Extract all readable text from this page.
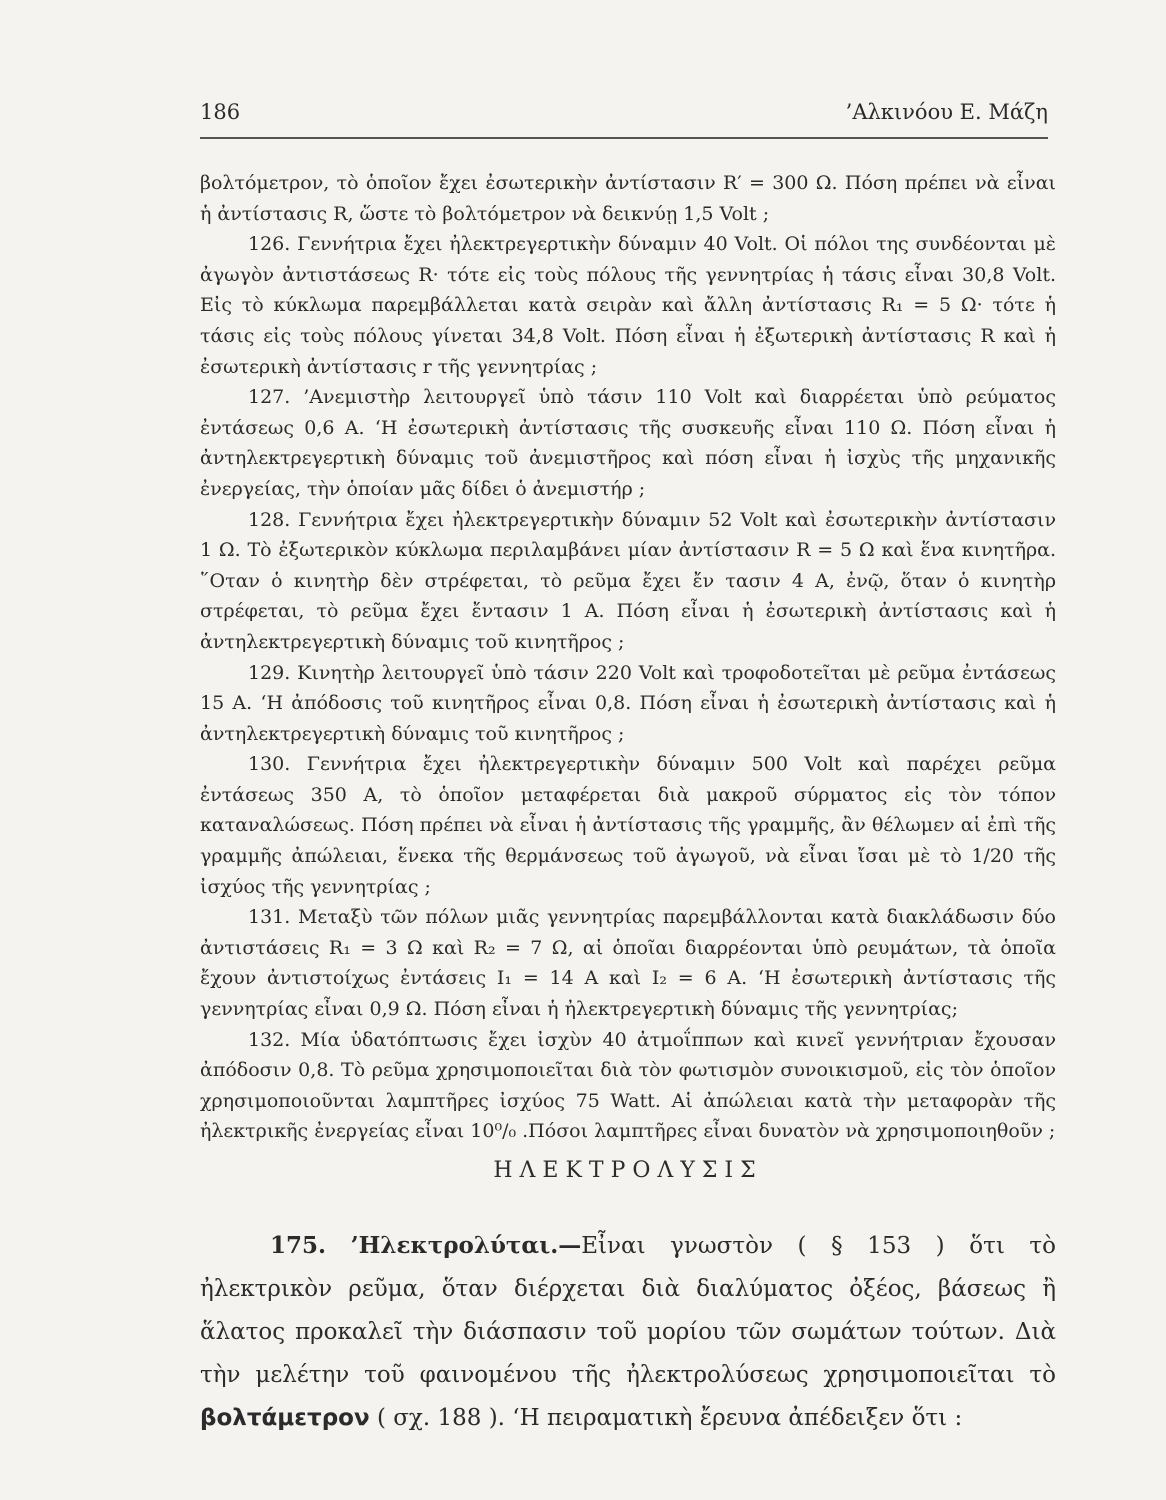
186	’Αλκινόου Ε. Μάζη

βολτόμετρον, τὸ ὁποῖον ἔχει ἐσωτερικὴν ἀντίστασιν R′ = 300 Ω. Πόση πρέπει νὰ εἶναι ἡ ἀντίστασις R, ὥστε τὸ βολτόμετρον νὰ δεικνύῃ 1,5 Volt ;

126. Γεννήτρια ἔχει ἠλεκτρεγερτικὴν δύναμιν 40 Volt. Οἱ πόλοι της συνδέονται μὲ ἀγωγὸν ἀντιστάσεως R· τότε εἰς τοὺς πόλους τῆς γεννητρίας ἡ τάσις εἶναι 30,8 Volt. Εἰς τὸ κύκλωμα παρεμβάλλεται κατὰ σειρὰν καὶ ἄλλη ἀντίστασις R₁ = 5 Ω· τότε ἡ τάσις εἰς τοὺς πόλους γίνεται 34,8 Volt. Πόση εἶναι ἡ ἐξωτερικὴ ἀντίστασις R καὶ ἡ ἐσωτερικὴ ἀντίστασις r τῆς γεννητρίας ;

127. ’Ανεμιστὴρ λειτουργεῖ ὑπὸ τάσιν 110 Volt καὶ διαρρέεται ὑπὸ ρεύματος ἐντάσεως 0,6 Α. ‘Η ἐσωτερικὴ ἀντίστασις τῆς συσκευῆς εἶναι 110 Ω. Πόση εἶναι ἡ ἀντηλεκτρεγερτικὴ δύναμις τοῦ ἀνεμιστῆρος καὶ πόση εἶναι ἡ ἰσχὺς τῆς μηχανικῆς ἐνεργείας, τὴν ὁποίαν μᾶς δίδει ὁ ἀνεμιστήρ ;

128. Γεννήτρια ἔχει ἠλεκτρεγερτικὴν δύναμιν 52 Volt καὶ ἐσωτερικὴν ἀντίστασιν 1 Ω. Τὸ ἐξωτερικὸν κύκλωμα περιλαμβάνει μίαν ἀντίστασιν R = 5 Ω καὶ ἕνα κινητῆρα. ῞Οταν ὁ κινητὴρ δὲν στρέφεται, τὸ ρεῦμα ἔχει ἔν τασιν 4 Α, ἐνῷ, ὅταν ὁ κινητὴρ στρέφεται, τὸ ρεῦμα ἔχει ἔντασιν 1 Α. Πόση εἶναι ἡ ἐσωτερικὴ ἀντίστασις καὶ ἡ ἀντηλεκτρεγερτικὴ δύναμις τοῦ κινητῆρος ;

129. Κινητὴρ λειτουργεῖ ὑπὸ τάσιν 220 Volt καὶ τροφοδοτεῖται μὲ ρεῦμα ἐντάσεως 15 Α. ‘Η ἀπόδοσις τοῦ κινητῆρος εἶναι 0,8. Πόση εἶναι ἡ ἐσωτερικὴ ἀντίστασις καὶ ἡ ἀντηλεκτρεγερτικὴ δύναμις τοῦ κινητῆρος ;

130. Γεννήτρια ἔχει ἠλεκτρεγερτικὴν δύναμιν 500 Volt καὶ παρέχει ρεῦμα ἐντάσεως 350 Α, τὸ ὁποῖον μεταφέρεται διὰ μακροῦ σύρματος εἰς τὸν τόπον καταναλώσεως. Πόση πρέπει νὰ εἶναι ἡ ἀντίστασις τῆς γραμμῆς, ἂν θέλωμεν αἱ ἐπὶ τῆς γραμμῆς ἀπώλειαι, ἕνεκα τῆς θερμάνσεως τοῦ ἀγωγοῦ, νὰ εἶναι ἴσαι μὲ τὸ 1/20 τῆς ἰσχύος τῆς γεννητρίας ;

131. Μεταξὺ τῶν πόλων μιᾶς γεννητρίας παρεμβάλλονται κατὰ διακλάδωσιν δύο ἀντιστάσεις R₁ = 3 Ω καὶ R₂ = 7 Ω, αἱ ὁποῖαι διαρρέονται ὑπὸ ρευμάτων, τὰ ὁποῖα ἔχουν ἀντιστοίχως ἐντάσεις I₁ = 14 Α καὶ I₂ = 6 Α. ‘Η ἐσωτερικὴ ἀντίστασις τῆς γεννητρίας εἶναι 0,9 Ω. Πόση εἶναι ἡ ἠλεκτρεγερτικὴ δύναμις τῆς γεννητρίας;

132. Μία ὑδατόπτωσις ἔχει ἰσχὺν 40 ἀτμοΐππων καὶ κινεῖ γεννήτριαν ἔχουσαν ἀπόδοσιν 0,8. Τὸ ρεῦμα χρησιμοποιεῖται διὰ τὸν φωτισμὸν συνοικισμοῦ, εἰς τὸν ὁποῖον χρησιμοποιοῦνται λαμπτῆρες ἰσχύος 75 Watt. Αἱ ἀπώλειαι κατὰ τὴν μεταφορὰν τῆς ἠλεκτρικῆς ἐνεργείας εἶναι 10⁰/₀ .Πόσοι λαμπτῆρες εἶναι δυνατὸν νὰ χρησιμοποιηθοῦν ;

ΗΛΕΚΤΡΟΛΥΣΙΣ

175. ’Ηλεκτρολύται.—Εἶναι γνωστὸν ( § 153 ) ὅτι τὸ ἠλεκτρικὸν ρεῦμα, ὅταν διέρχεται διὰ διαλύματος ὀξέος, βάσεως ἢ ἅλατος προκαλεῖ τὴν διάσπασιν τοῦ μορίου τῶν σωμάτων τούτων. Διὰ τὴν μελέτην τοῦ φαινομένου τῆς ἠλεκτρολύσεως χρησιμοποιεῖται τὸ βολτάμετρον ( σχ. 188 ). ‘Η πειραματικὴ ἔρευνα ἀπέδειξεν ὅτι :
